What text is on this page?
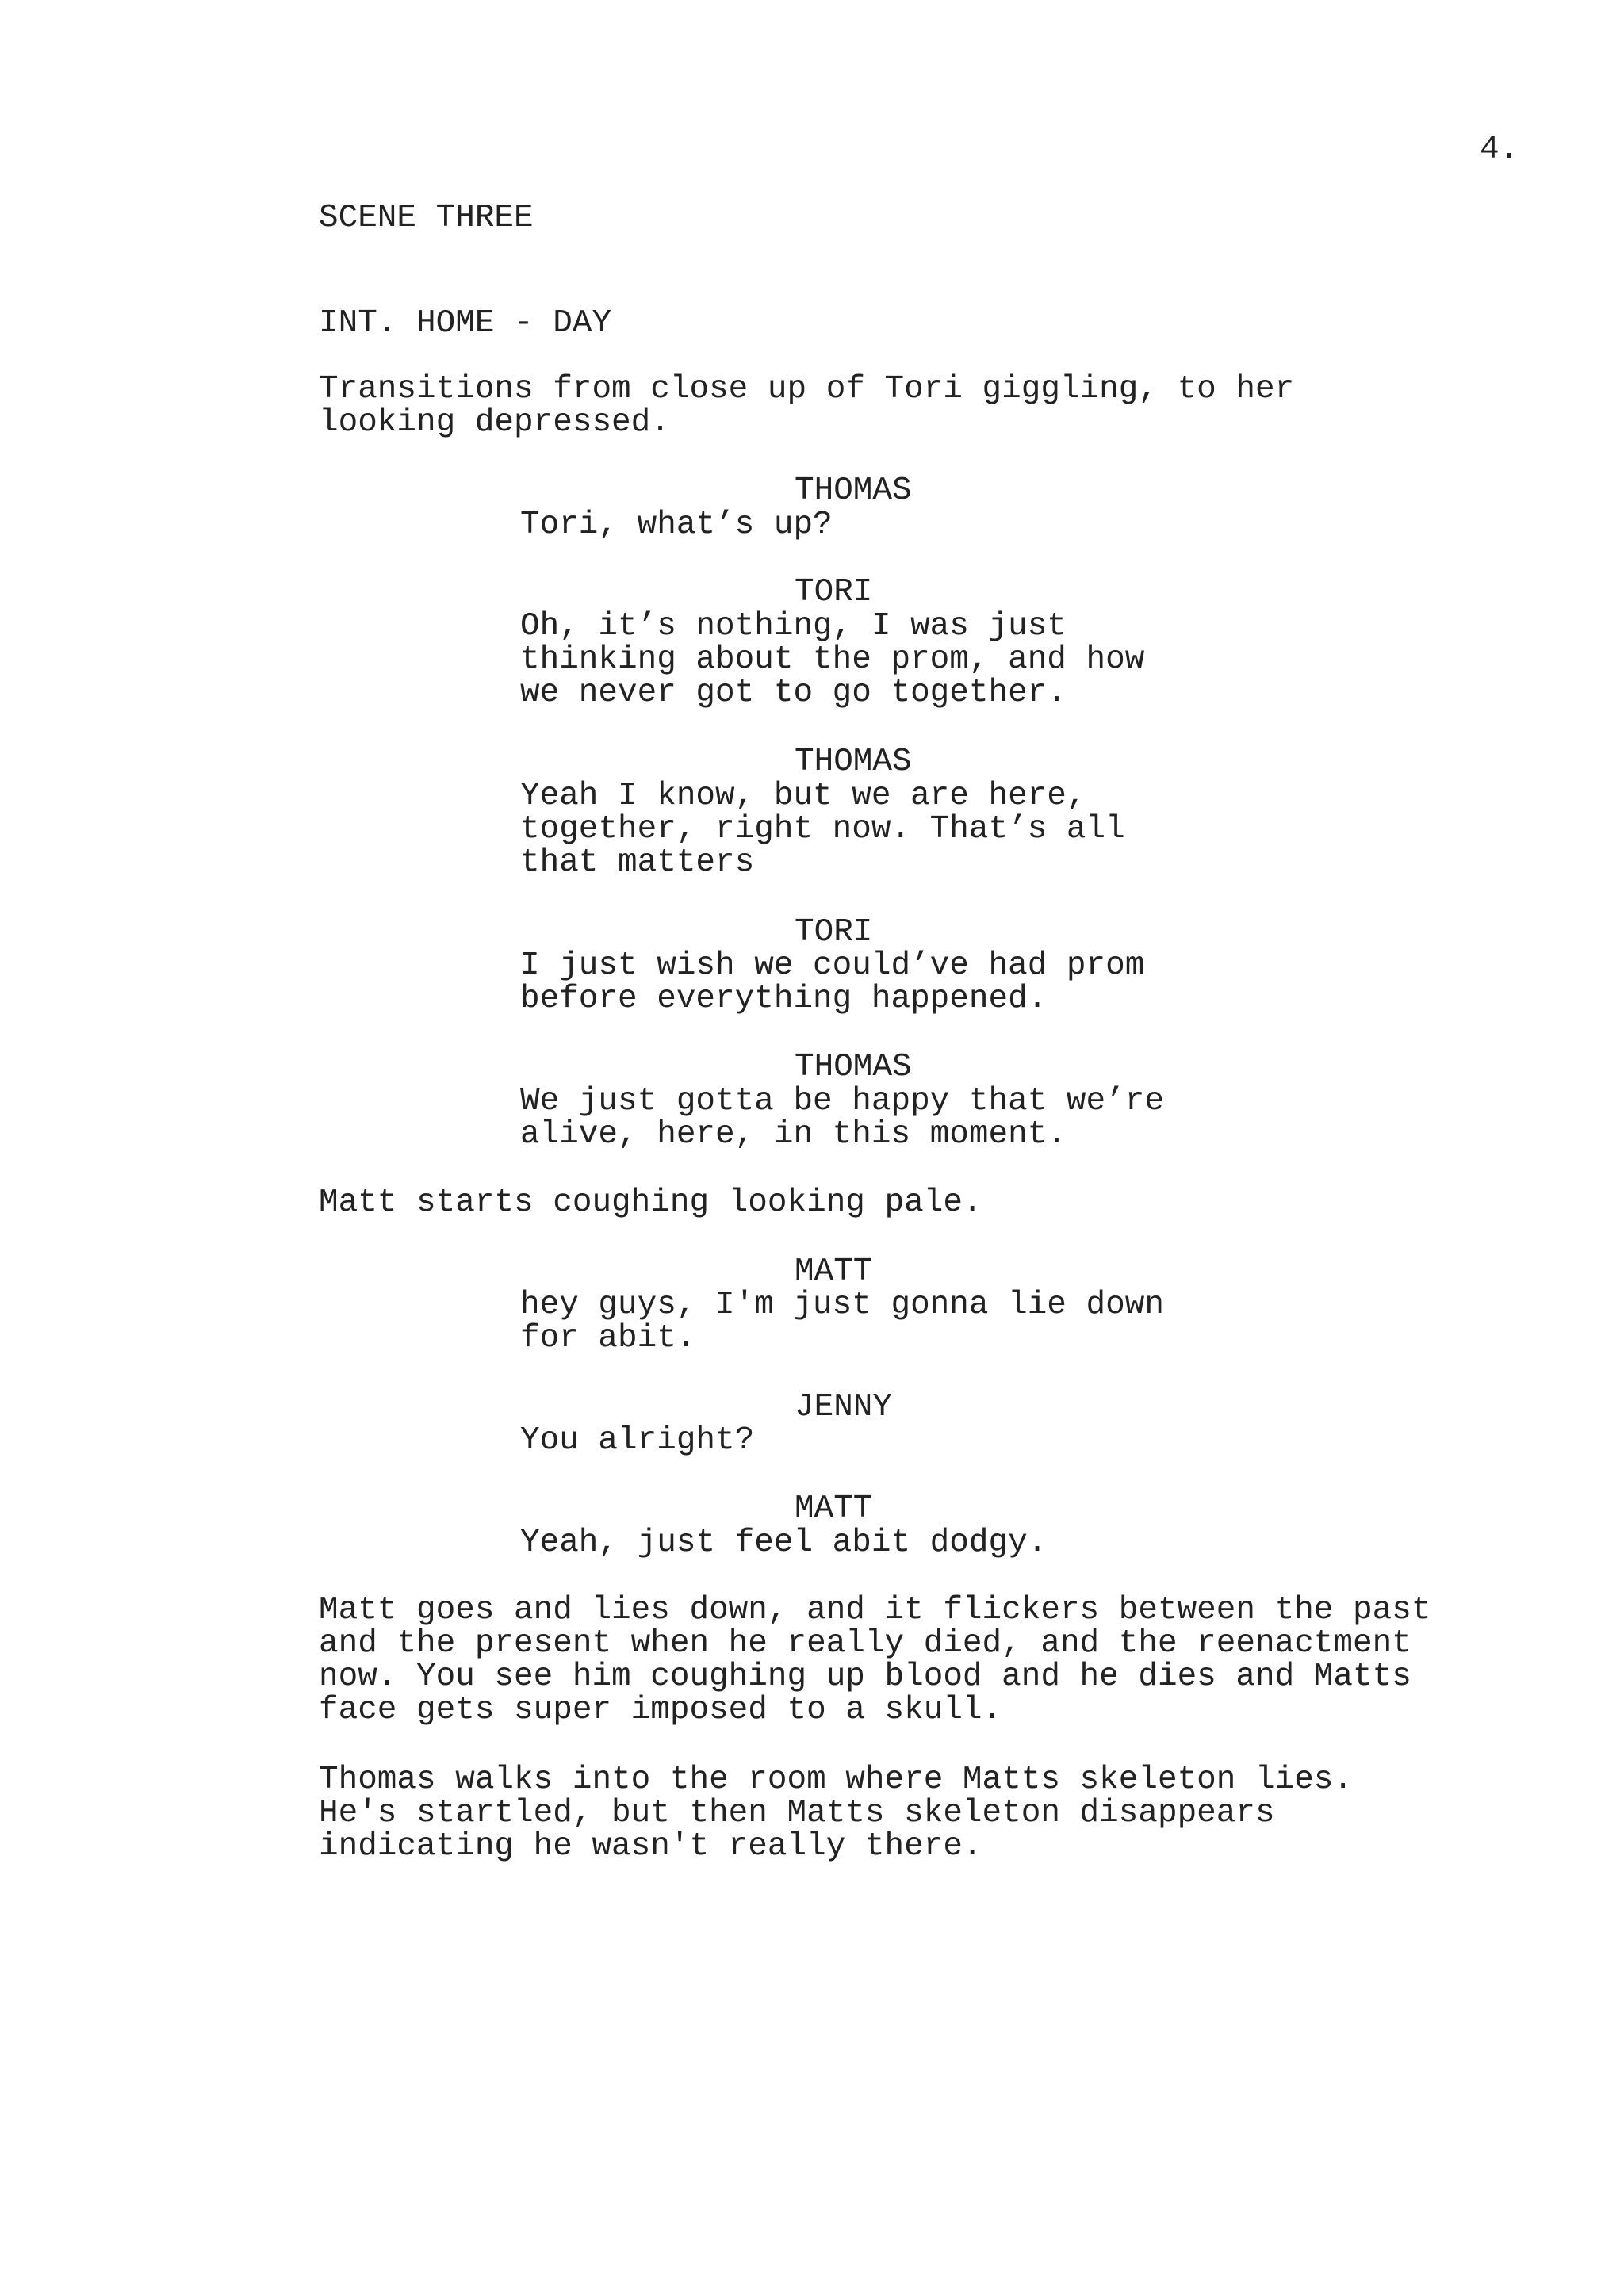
4.
SCENE THREE
INT. HOME - DAY
Transitions from close up of Tori giggling, to her
looking depressed.
THOMAS
Tori, what’s up?
TORI
Oh, it’s nothing, I was just
thinking about the prom, and how
we never got to go together.
THOMAS
Yeah I know, but we are here,
together, right now. That’s all
that matters
TORI
I just wish we could’ve had prom
before everything happened.
THOMAS
We just gotta be happy that we’re
alive, here, in this moment.
Matt starts coughing looking pale.
MATT
hey guys, I'm just gonna lie down
for abit.
JENNY
You alright?
MATT
Yeah, just feel abit dodgy.
Matt goes and lies down, and it flickers between the past
and the present when he really died, and the reenactment
now. You see him coughing up blood and he dies and Matts
face gets super imposed to a skull.
Thomas walks into the room where Matts skeleton lies.
He's startled, but then Matts skeleton disappears
indicating he wasn't really there.
